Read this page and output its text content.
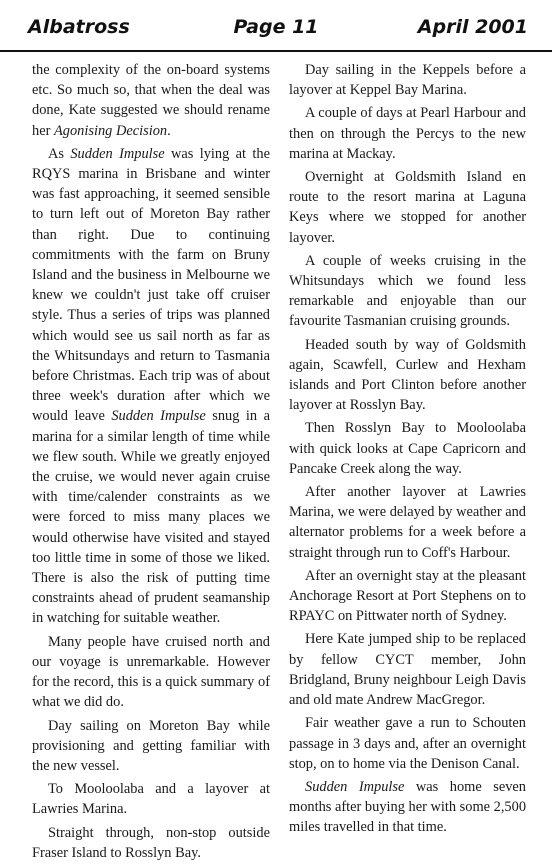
Albatross	Page 11	April 2001

the complexity of the on-board systems etc. So much so, that when the deal was done, Kate suggested we should rename her Agonising Decision.

As Sudden Impulse was lying at the RQYS marina in Brisbane and winter was fast approaching, it seemed sensible to turn left out of Moreton Bay rather than right. Due to continuing commitments with the farm on Bruny Island and the business in Melbourne we knew we couldn't just take off cruiser style. Thus a series of trips was planned which would see us sail north as far as the Whitsundays and return to Tasmania before Christmas. Each trip was of about three week's duration after which we would leave Sudden Impulse snug in a marina for a similar length of time while we flew south. While we greatly enjoyed the cruise, we would never again cruise with time/calender constraints as we were forced to miss many places we would otherwise have visited and stayed too little time in some of those we liked. There is also the risk of putting time constraints ahead of prudent seamanship in watching for suitable weather.

Many people have cruised north and our voyage is unremarkable. However for the record, this is a quick summary of what we did do.

Day sailing on Moreton Bay while provisioning and getting familiar with the new vessel.

To Mooloolaba and a layover at Lawries Marina.

Straight through, non-stop outside Fraser Island to Rosslyn Bay.

Day sailing in the Keppels before a layover at Keppel Bay Marina.

A couple of days at Pearl Harbour and then on through the Percys to the new marina at Mackay.

Overnight at Goldsmith Island en route to the resort marina at Laguna Keys where we stopped for another layover.

A couple of weeks cruising in the Whitsundays which we found less remarkable and enjoyable than our favourite Tasmanian cruising grounds.

Headed south by way of Goldsmith again, Scawfell, Curlew and Hexham islands and Port Clinton before another layover at Rosslyn Bay.

Then Rosslyn Bay to Mooloolaba with quick looks at Cape Capricorn and Pancake Creek along the way.

After another layover at Lawries Marina, we were delayed by weather and alternator problems for a week before a straight through run to Coff's Harbour.

After an overnight stay at the pleasant Anchorage Resort at Port Stephens on to RPAYC on Pittwater north of Sydney.

Here Kate jumped ship to be replaced by fellow CYCT member, John Bridgland, Bruny neighbour Leigh Davis and old mate Andrew MacGregor.

Fair weather gave a run to Schouten passage in 3 days and, after an overnight stop, on to home via the Denison Canal.

Sudden Impulse was home seven months after buying her with some 2,500 miles travelled in that time.
